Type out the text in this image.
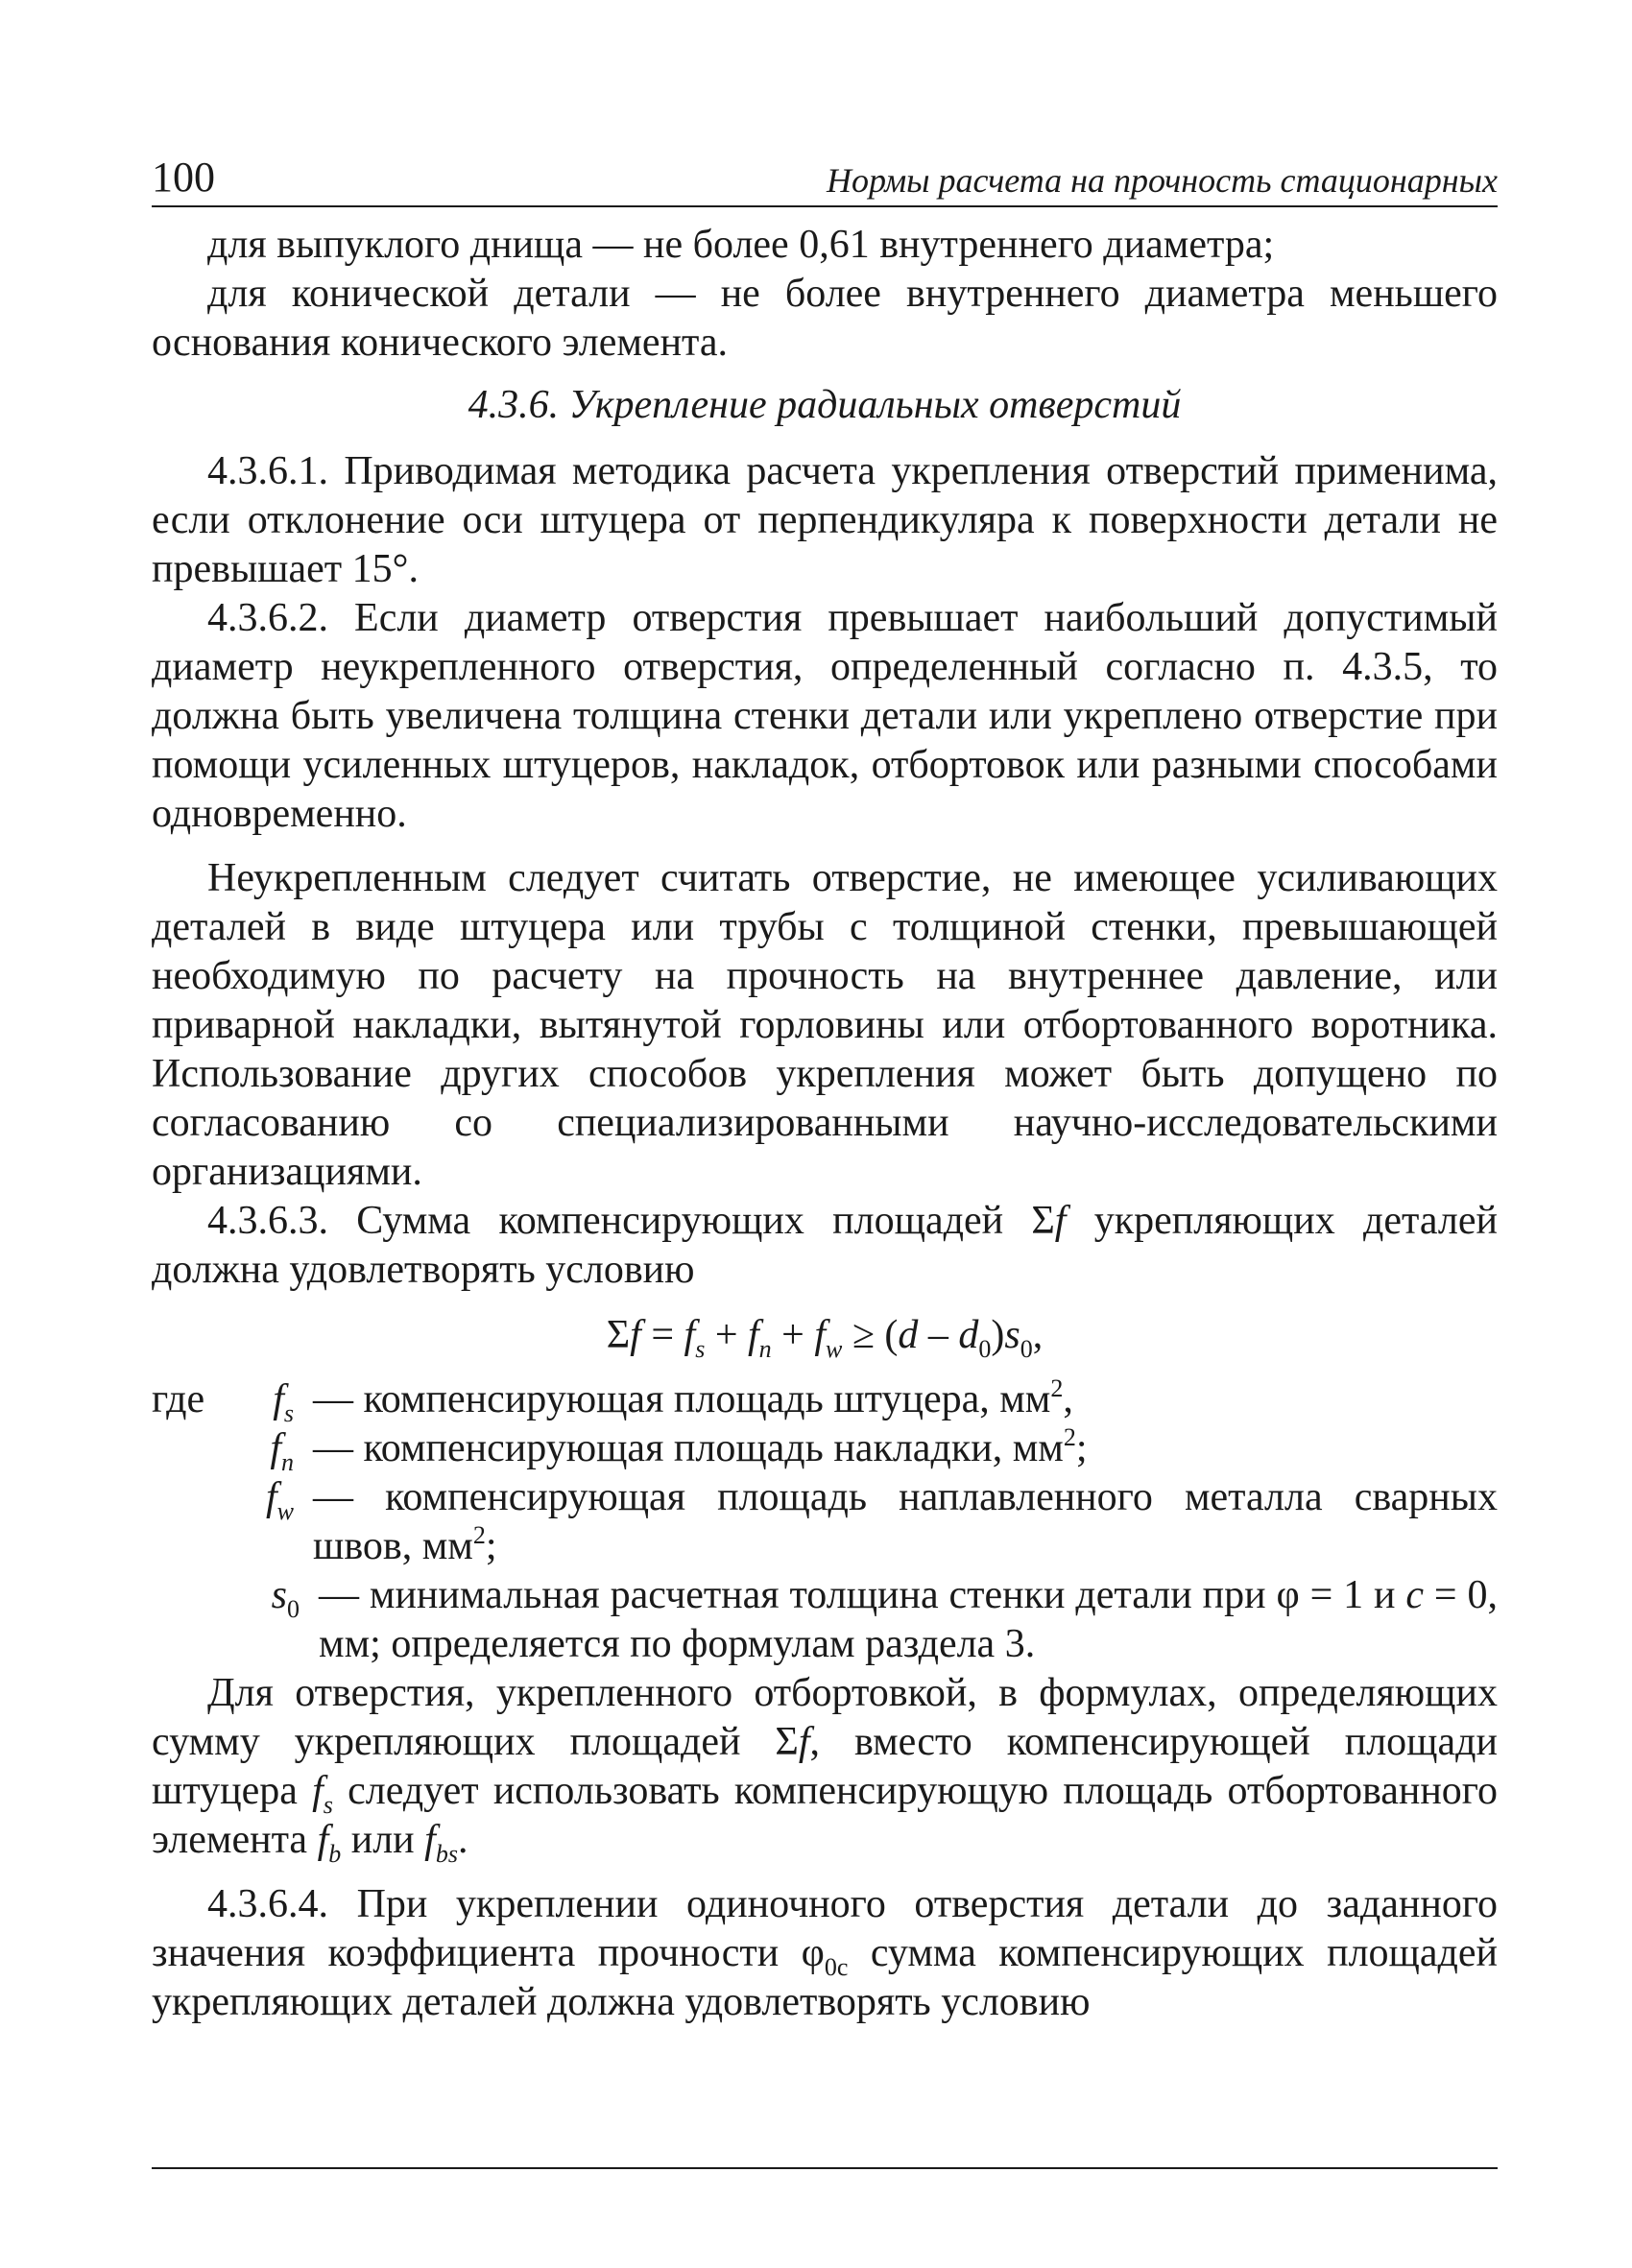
100	Нормы расчета на прочность стационарных

для выпуклого днища — не более 0,61 внутреннего диаметра;

для конической детали — не более внутреннего диаметра меньшего основания конического элемента.

4.3.6. Укрепление радиальных отверстий

4.3.6.1. Приводимая методика расчета укрепления отверстий применима, если отклонение оси штуцера от перпендикуляра к поверхности детали не превышает 15°.

4.3.6.2. Если диаметр отверстия превышает наибольший допустимый диаметр неукрепленного отверстия, определенный согласно п. 4.3.5, то должна быть увеличена толщина стенки детали или укреплено отверстие при помощи усиленных штуцеров, накладок, отбортовок или разными способами одновременно.

Неукрепленным следует считать отверстие, не имеющее усиливающих деталей в виде штуцера или трубы с толщиной стенки, превышающей необходимую по расчету на прочность на внутреннее давление, или приварной накладки, вытянутой горловины или отбортованного воротника. Использование других способов укрепления может быть допущено по согласованию со специализированными научно-исследовательскими организациями.

4.3.6.3. Сумма компенсирующих площадей Σf укрепляющих деталей должна удовлетворять условию

$\Sigma f = f_s + f_n + f_w \ge (d - d_0)s_0$,
где	$f_s$ — компенсирующая площадь штуцера, $мм^2$,
$f_n$ — компенсирующая площадь накладки, $мм^2$;
$f_w$ — компенсирующая площадь наплавленного металла сварных швов, $мм^2$;
$s_0$ — минимальная расчетная толщина стенки детали при φ = 1 и c = 0, мм; определяется по формулам раздела 3.

Для отверстия, укрепленного отбортовкой, в формулах, определяющих сумму укрепляющих площадей Σf, вместо компенсирующей площади штуцера $f_s$ следует использовать компенсирующую площадь отбортованного элемента $f_b$ или $f_{bs}$.

4.3.6.4. При укреплении одиночного отверстия детали до заданного значения коэффициента прочности $\varphi_{0c}$ сумма компенсирующих площадей укрепляющих деталей должна удовлетворять условию
